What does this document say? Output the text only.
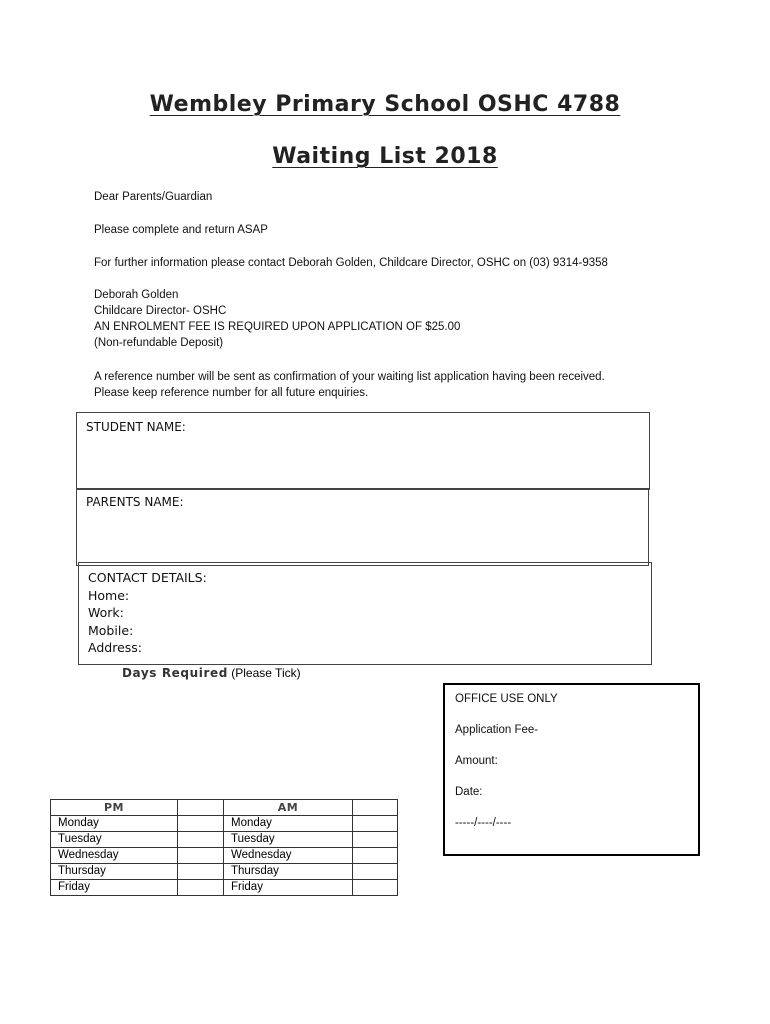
Wembley Primary School OSHC 4788
Waiting List 2018
Dear Parents/Guardian
Please complete and return ASAP
For further information please contact Deborah Golden, Childcare Director, OSHC on (03) 9314-9358
Deborah Golden
Childcare Director- OSHC
AN ENROLMENT FEE IS REQUIRED UPON APPLICATION OF $25.00
(Non-refundable Deposit)
A reference number will be sent as confirmation of your waiting list application having been received.
Please keep reference number for all future enquiries.
STUDENT NAME:
PARENTS NAME:
CONTACT DETAILS:
Home:
Work:
Mobile:
Address:
Days Required (Please Tick)
OFFICE USE ONLY
Application Fee-
Amount:
Date:
-----/----/----
PM		AM	
Monday		Monday	
Tuesday		Tuesday	
Wednesday		Wednesday	
Thursday		Thursday	
Friday		Friday	
